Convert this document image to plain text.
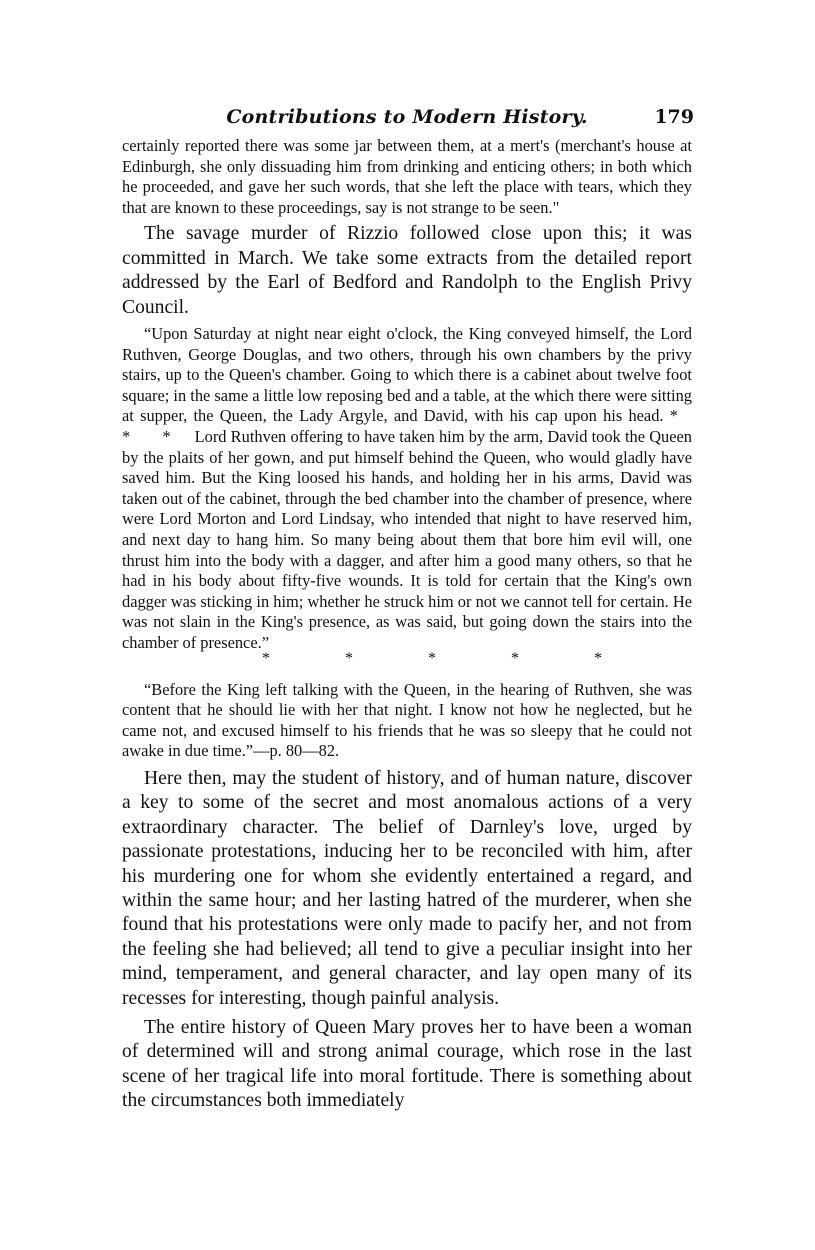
Contributions to Modern History.	179

certainly reported there was some jar between them, at a mert's (merchant's house at Edinburgh, she only dissuading him from drinking and enticing others; in both which he proceeded, and gave her such words, that she left the place with tears, which they that are known to these proceedings, say is not strange to be seen."

The savage murder of Rizzio followed close upon this; it was committed in March. We take some extracts from the detailed report addressed by the Earl of Bedford and Randolph to the English Privy Council.

“Upon Saturday at night near eight o'clock, the King conveyed himself, the Lord Ruthven, George Douglas, and two others, through his own chambers by the privy stairs, up to the Queen's chamber. Going to which there is a cabinet about twelve foot square; in the same a little low reposing bed and a table, at the which there were sitting at supper, the Queen, the Lady Argyle, and David, with his cap upon his head. * * * Lord Ruthven offering to have taken him by the arm, David took the Queen by the plaits of her gown, and put himself behind the Queen, who would gladly have saved him. But the King loosed his hands, and holding her in his arms, David was taken out of the cabinet, through the bed chamber into the chamber of presence, where were Lord Morton and Lord Lindsay, who intended that night to have reserved him, and next day to hang him. So many being about them that bore him evil will, one thrust him into the body with a dagger, and after him a good many others, so that he had in his body about fifty-five wounds. It is told for certain that the King's own dagger was sticking in him; whether he struck him or not we cannot tell for certain. He was not slain in the King's presence, as was said, but going down the stairs into the chamber of presence.”

*	*	*	*	*

“Before the King left talking with the Queen, in the hearing of Ruthven, she was content that he should lie with her that night. I know not how he neglected, but he came not, and excused himself to his friends that he was so sleepy that he could not awake in due time.”—p. 80—82.

Here then, may the student of history, and of human nature, discover a key to some of the secret and most anomalous actions of a very extraordinary character. The belief of Darnley's love, urged by passionate protestations, inducing her to be reconciled with him, after his murdering one for whom she evidently entertained a regard, and within the same hour; and her lasting hatred of the murderer, when she found that his protestations were only made to pacify her, and not from the feeling she had believed; all tend to give a peculiar insight into her mind, temperament, and general character, and lay open many of its recesses for interesting, though painful analysis.

The entire history of Queen Mary proves her to have been a woman of determined will and strong animal courage, which rose in the last scene of her tragical life into moral fortitude. There is something about the circumstances both immediately
